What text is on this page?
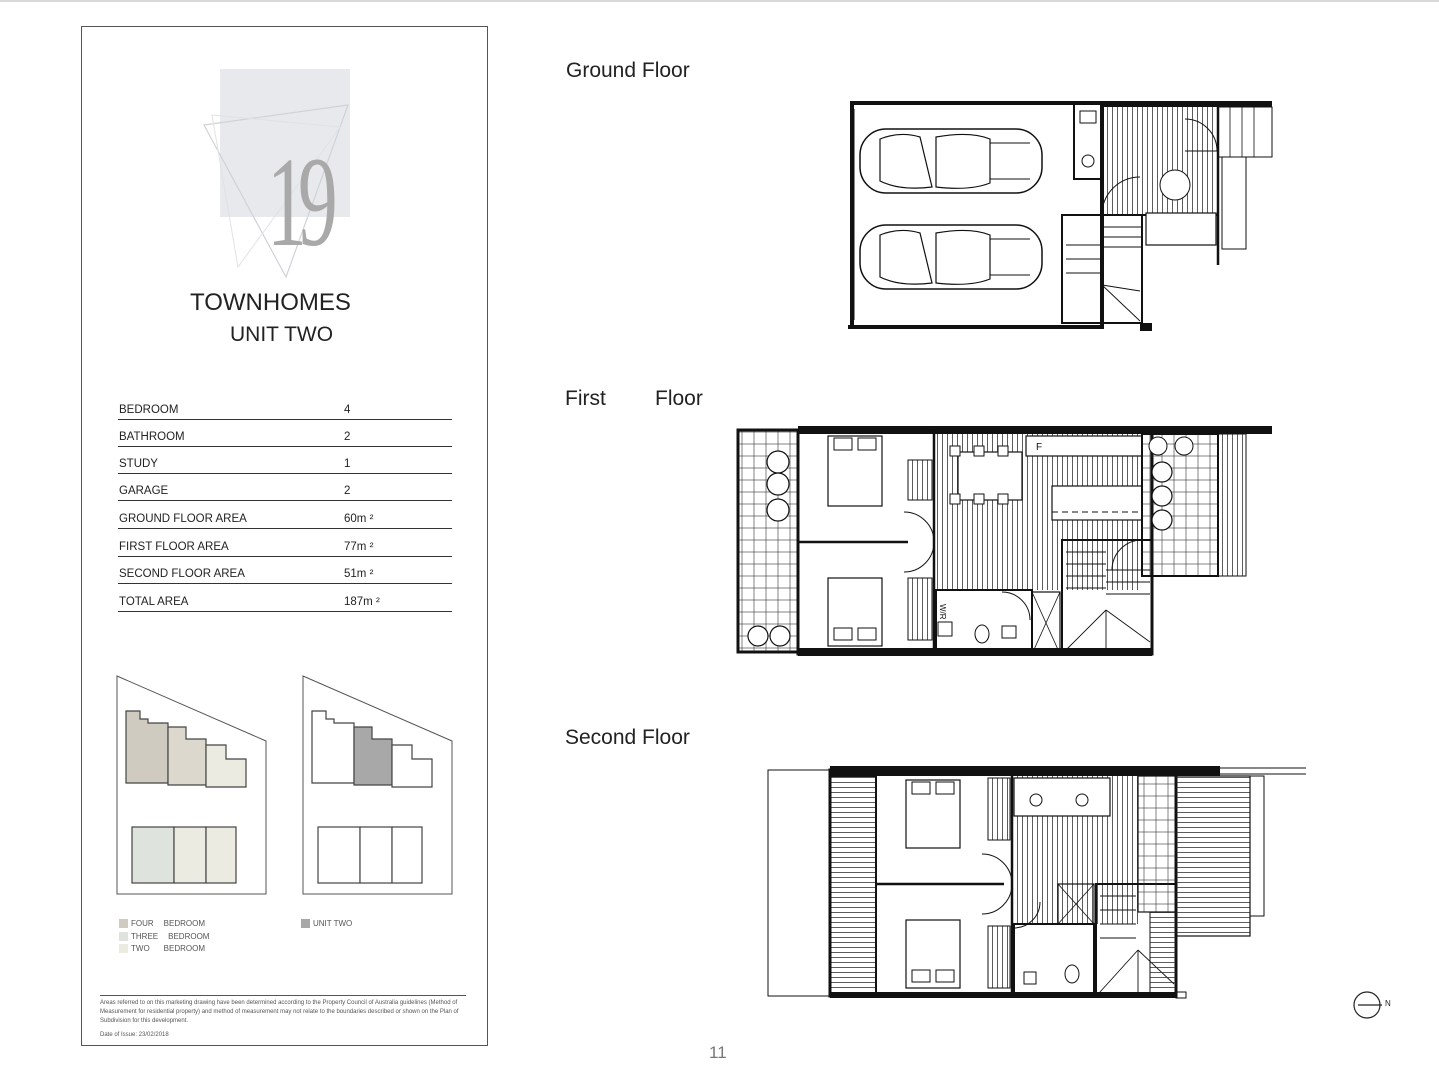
19
TOWNHOMES
UNIT TWO
BEDROOM	4
BATHROOM	2
STUDY	1
GARAGE	2
GROUND FLOOR AREA	60m ²
FIRST FLOOR AREA	77m ²
SECOND FLOOR AREA	51m ²
TOTAL AREA	187m ²
FOUR BEDROOM
THREE BEDROOM
TWO BEDROOM
UNIT TWO
Areas referred to on this marketing drawing have been determined according to the Property Council of Australia guidelines (Method of Measurement for residential property) and method of measurement may not relate to the boundaries described or shown on the Plan of Subdivision for this development.
Date of Issue: 23/02/2018
Ground Floor
First Floor
Second Floor
F
W/R
N
11
